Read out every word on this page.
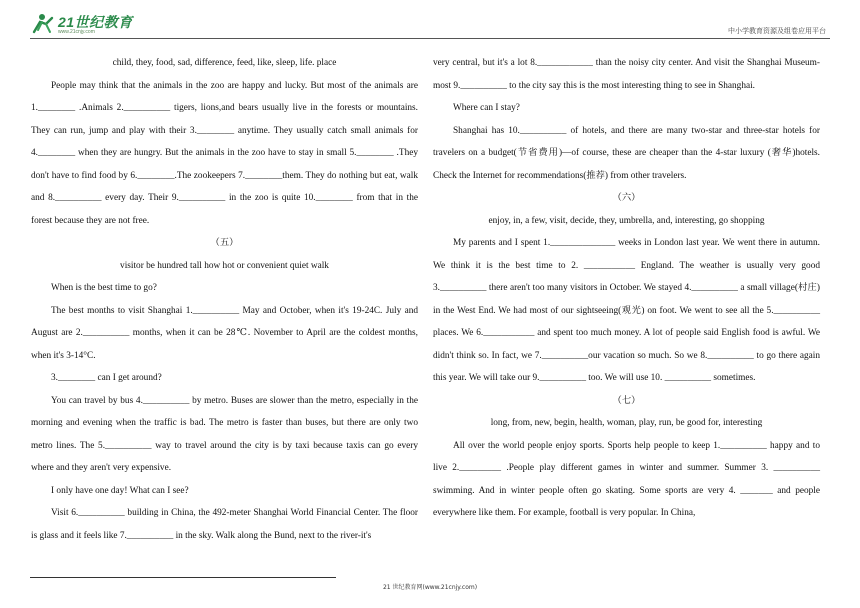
21世纪教育
www.21cnjy.com	中小学教育资源及组卷应用平台

child, they, food, sad, difference, feed, like, sleep, life. place

People may think that the animals in the zoo are happy and lucky. But most of the animals are 1.________ .Animals 2.__________ tigers, lions,and bears usually live in the forests or mountains. They can run, jump and play with their 3.________ anytime. They usually catch small animals for 4.________ when they are hungry. But the animals in the zoo have to stay in small 5.________ .They don't have to find food by 6.________.The zookeepers 7.________them. They do nothing but eat, walk and 8.__________ every day. Their 9.__________ in the zoo is quite 10.________ from that in the forest because they are not free.

（五）

visitor be hundred tall how hot or convenient quiet walk

When is the best time to go?

The best months to visit Shanghai 1.__________ May and October, when it's 19-24C. July and August are 2.__________ months, when it can be 28℃. November to April are the coldest months, when it's 3-14°C.

3.________ can I get around?

You can travel by bus 4.__________ by metro. Buses are slower than the metro, especially in the morning and evening when the traffic is bad. The metro is faster than buses, but there are only two metro lines. The 5.__________ way to travel around the city is by taxi because taxis can go every where and they aren't very expensive.

I only have one day! What can I see?

Visit 6.__________ building in China, the 492-meter Shanghai World Financial Center. The floor is glass and it feels like 7.__________ in the sky. Walk along the Bund, next to the river-it's

very central, but it's a lot 8.____________ than the noisy city center. And visit the Shanghai Museum-most 9.__________ to the city say this is the most interesting thing to see in Shanghai.

Where can I stay?

Shanghai has 10.__________ of hotels, and there are many two-star and three-star hotels for travelers on a budget(节省费用)—of course, these are cheaper than the 4-star luxury (奢华)hotels. Check the Internet for recommendations(推荐) from other travelers.

（六）

enjoy, in, a few, visit, decide, they, umbrella, and, interesting, go shopping

My parents and I spent 1.______________ weeks in London last year. We went there in autumn. We think it is the best time to 2. ___________ England. The weather is usually very good 3.__________ there aren't too many visitors in October. We stayed 4.__________ a small village(村庄) in the West End. We had most of our sightseeing(观光) on foot. We went to see all the 5.__________ places. We 6.___________ and spent too much money. A lot of people said English food is awful. We didn't think so. In fact, we 7.__________our vacation so much. So we 8.__________ to go there again this year. We will take our 9.__________ too. We will use 10. __________ sometimes.

（七）

long, from, new, begin, health, woman, play, run, be good for, interesting

All over the world people enjoy sports. Sports help people to keep 1.__________ happy and to live 2._________ .People play different games in winter and summer. Summer 3. __________ swimming. And in winter people often go skating. Some sports are very 4. _______ and people everywhere like them. For example, football is very popular. In China,

21 世纪教育网(www.21cnjy.com)
